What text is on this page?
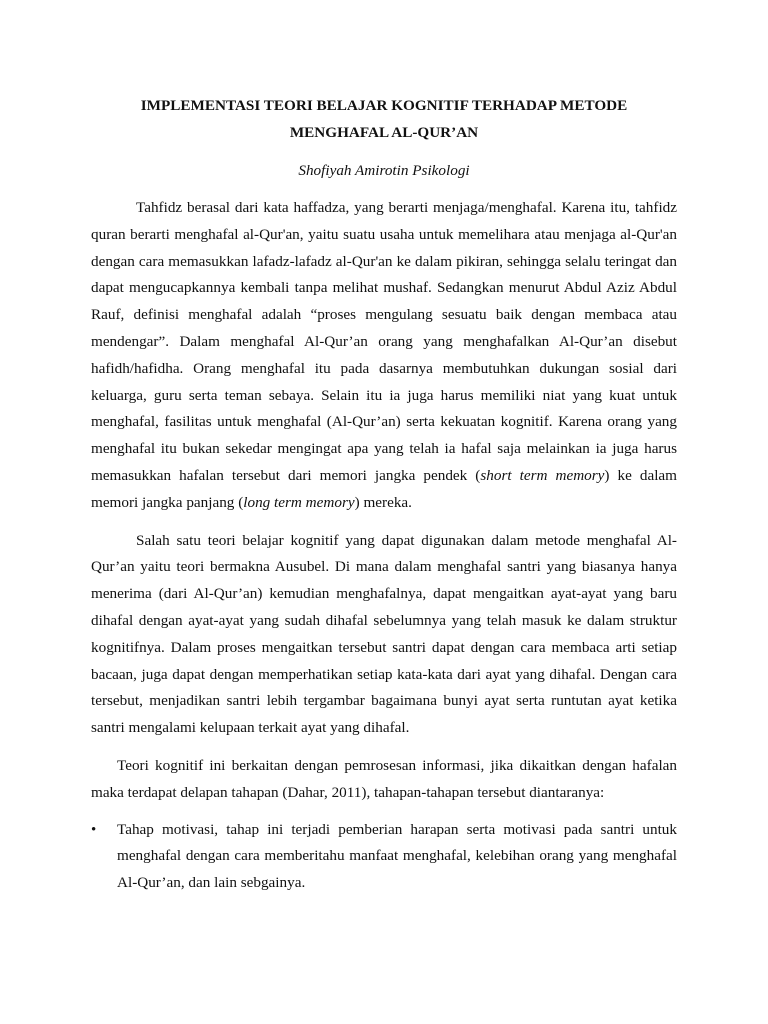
IMPLEMENTASI TEORI BELAJAR KOGNITIF TERHADAP METODE MENGHAFAL AL-QUR’AN

Shofiyah Amirotin Psikologi

Tahfidz berasal dari kata haffadza, yang berarti menjaga/menghafal. Karena itu, tahfidz quran berarti menghafal al-Qur'an, yaitu suatu usaha untuk memelihara atau menjaga al-Qur'an dengan cara memasukkan lafadz-lafadz al-Qur'an ke dalam pikiran, sehingga selalu teringat dan dapat mengucapkannya kembali tanpa melihat mushaf. Sedangkan menurut Abdul Aziz Abdul Rauf, definisi menghafal adalah “proses mengulang sesuatu baik dengan membaca atau mendengar”. Dalam menghafal Al-Qur’an orang yang menghafalkan Al-Qur’an disebut hafidh/hafidha. Orang menghafal itu pada dasarnya membutuhkan dukungan sosial dari keluarga, guru serta teman sebaya. Selain itu ia juga harus memiliki niat yang kuat untuk menghafal, fasilitas untuk menghafal (Al-Qur’an) serta kekuatan kognitif. Karena orang yang menghafal itu bukan sekedar mengingat apa yang telah ia hafal saja melainkan ia juga harus memasukkan hafalan tersebut dari memori jangka pendek (short term memory) ke dalam memori jangka panjang (long term memory) mereka.

Salah satu teori belajar kognitif yang dapat digunakan dalam metode menghafal Al-Qur’an yaitu teori bermakna Ausubel. Di mana dalam menghafal santri yang biasanya hanya menerima (dari Al-Qur’an) kemudian menghafalnya, dapat mengaitkan ayat-ayat yang baru dihafal dengan ayat-ayat yang sudah dihafal sebelumnya yang telah masuk ke dalam struktur kognitifnya. Dalam proses mengaitkan tersebut santri dapat dengan cara membaca arti setiap bacaan, juga dapat dengan memperhatikan setiap kata-kata dari ayat yang dihafal. Dengan cara tersebut, menjadikan santri lebih tergambar bagaimana bunyi ayat serta runtutan ayat ketika santri mengalami kelupaan terkait ayat yang dihafal.

Teori kognitif ini berkaitan dengan pemrosesan informasi, jika dikaitkan dengan hafalan maka terdapat delapan tahapan (Dahar, 2011), tahapan-tahapan tersebut diantaranya:

•	Tahap motivasi, tahap ini terjadi pemberian harapan serta motivasi pada santri untuk menghafal dengan cara memberitahu manfaat menghafal, kelebihan orang yang menghafal Al-Qur’an, dan lain sebgainya.
